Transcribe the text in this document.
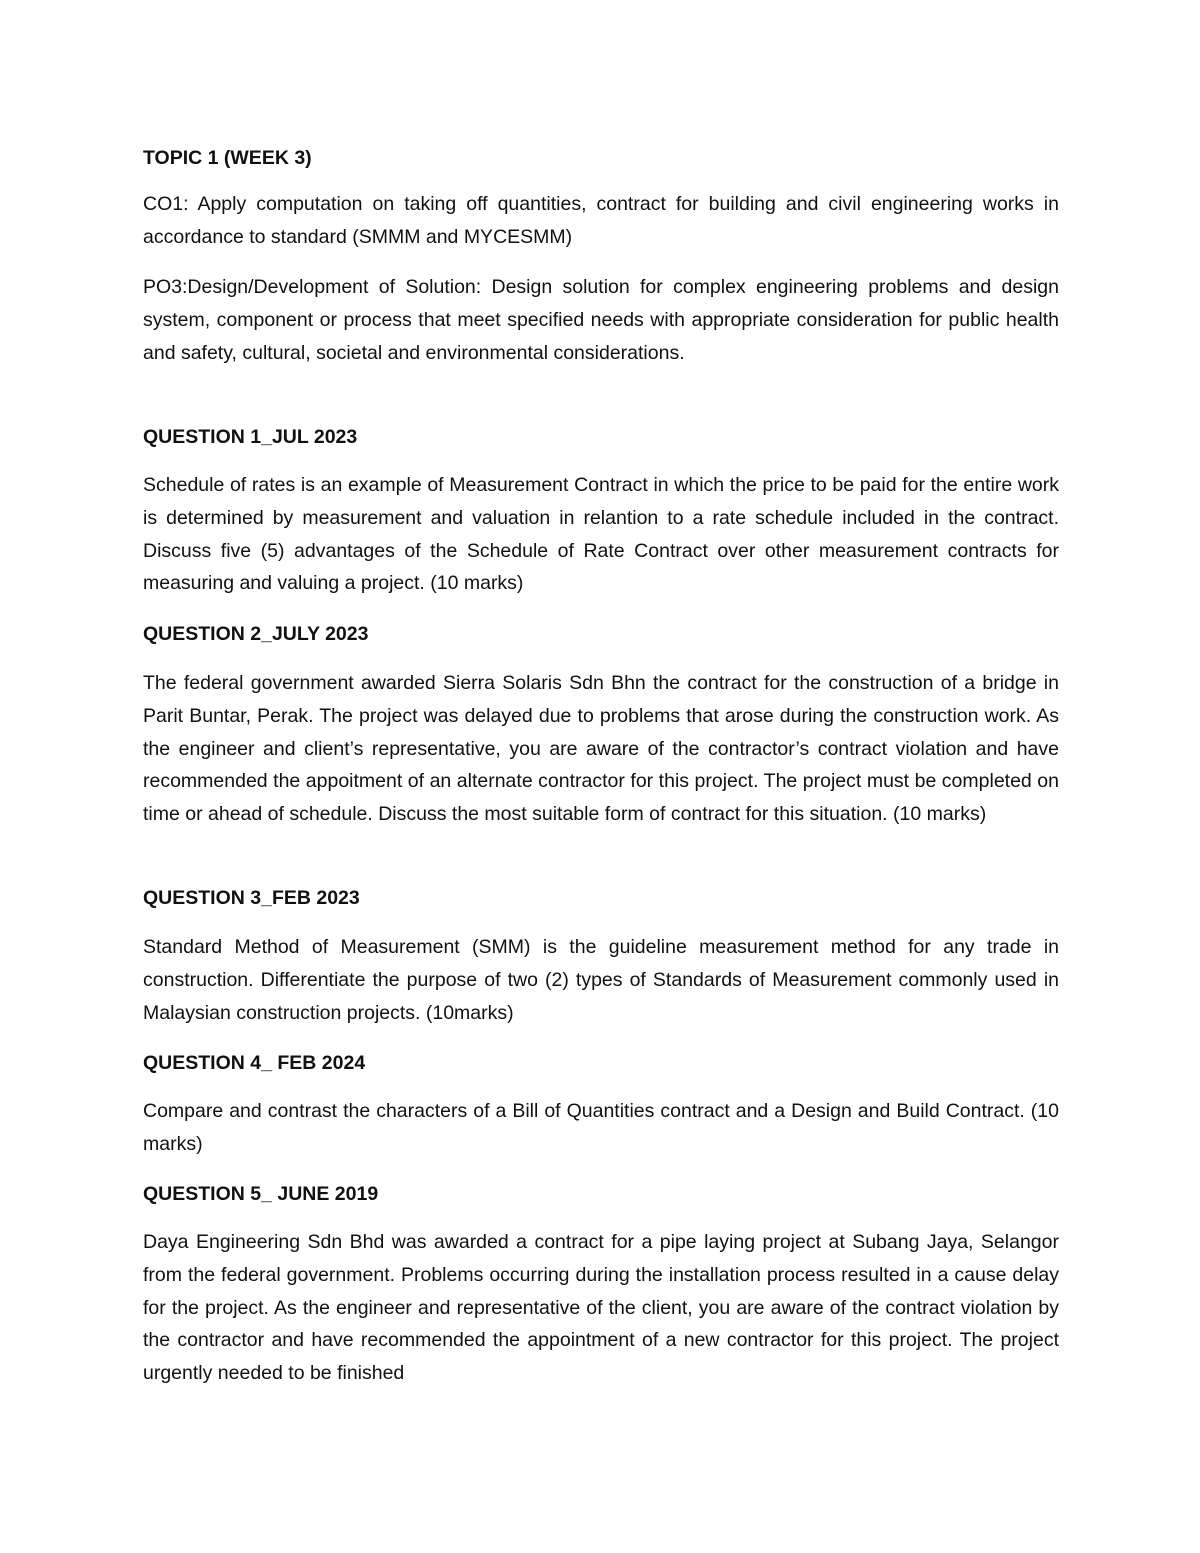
TOPIC 1 (WEEK 3)
CO1: Apply computation on taking off quantities, contract for building and civil engineering works in accordance to standard (SMMM and MYCESMM)
PO3:Design/Development of Solution: Design solution for complex engineering problems and design system, component or process that meet specified needs with appropriate consideration for public health and safety, cultural, societal and environmental considerations.
QUESTION 1_JUL 2023
Schedule of rates is an example of Measurement Contract in which the price to be paid for the entire work is determined by measurement and valuation in relantion to a rate schedule included in the contract. Discuss five (5) advantages of the Schedule of Rate Contract over other measurement contracts for measuring and valuing a project. (10 marks)
QUESTION 2_JULY 2023
The federal government awarded Sierra Solaris Sdn Bhn the contract for the construction of a bridge in Parit Buntar, Perak. The project was delayed due to problems that arose during the construction work. As the engineer and client’s representative, you are aware of the contractor’s contract violation and have recommended the appoitment of an alternate contractor for this project. The project must be completed on time or ahead of schedule. Discuss the most suitable form of contract for this situation. (10 marks)
QUESTION 3_FEB 2023
Standard Method of Measurement (SMM) is the guideline measurement method for any trade in construction. Differentiate the purpose of two (2) types of Standards of Measurement commonly used in Malaysian construction projects. (10marks)
QUESTION 4_ FEB 2024
Compare and contrast the characters of a Bill of Quantities contract and a Design and Build Contract. (10 marks)
QUESTION 5_ JUNE 2019
Daya Engineering Sdn Bhd was awarded a contract for a pipe laying project at Subang Jaya, Selangor from the federal government. Problems occurring during the installation process resulted in a cause delay for the project. As the engineer and representative of the client, you are aware of the contract violation by the contractor and have recommended the appointment of a new contractor for this project. The project urgently needed to be finished
